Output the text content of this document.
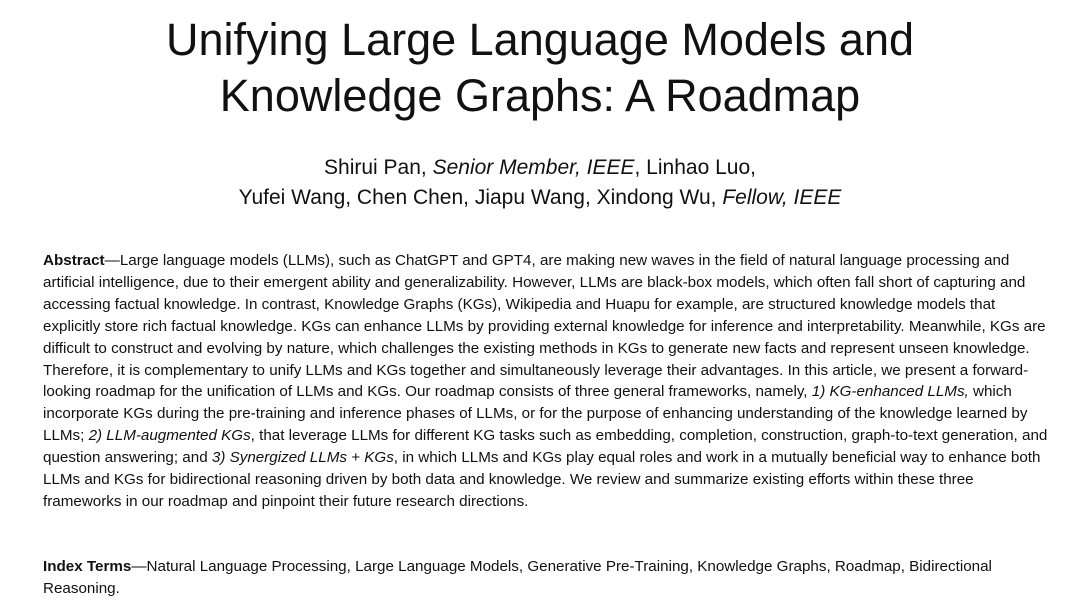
Unifying Large Language Models and
Knowledge Graphs: A Roadmap
Shirui Pan, Senior Member, IEEE, Linhao Luo,
Yufei Wang, Chen Chen, Jiapu Wang, Xindong Wu, Fellow, IEEE

Abstract—Large language models (LLMs), such as ChatGPT and GPT4, are making new waves in the field of natural language processing and artificial intelligence, due to their emergent ability and generalizability. However, LLMs are black-box models, which often fall short of capturing and accessing factual knowledge. In contrast, Knowledge Graphs (KGs), Wikipedia and Huapu for example, are structured knowledge models that explicitly store rich factual knowledge. KGs can enhance LLMs by providing external knowledge for inference and interpretability. Meanwhile, KGs are difficult to construct and evolving by nature, which challenges the existing methods in KGs to generate new facts and represent unseen knowledge. Therefore, it is complementary to unify LLMs and KGs together and simultaneously leverage their advantages. In this article, we present a forward-looking roadmap for the unification of LLMs and KGs. Our roadmap consists of three general frameworks, namely, 1) KG-enhanced LLMs, which incorporate KGs during the pre-training and inference phases of LLMs, or for the purpose of enhancing understanding of the knowledge learned by LLMs; 2) LLM-augmented KGs, that leverage LLMs for different KG tasks such as embedding, completion, construction, graph-to-text generation, and question answering; and 3) Synergized LLMs + KGs, in which LLMs and KGs play equal roles and work in a mutually beneficial way to enhance both LLMs and KGs for bidirectional reasoning driven by both data and knowledge. We review and summarize existing efforts within these three frameworks in our roadmap and pinpoint their future research directions.

Index Terms—Natural Language Processing, Large Language Models, Generative Pre-Training, Knowledge Graphs, Roadmap, Bidirectional Reasoning.
